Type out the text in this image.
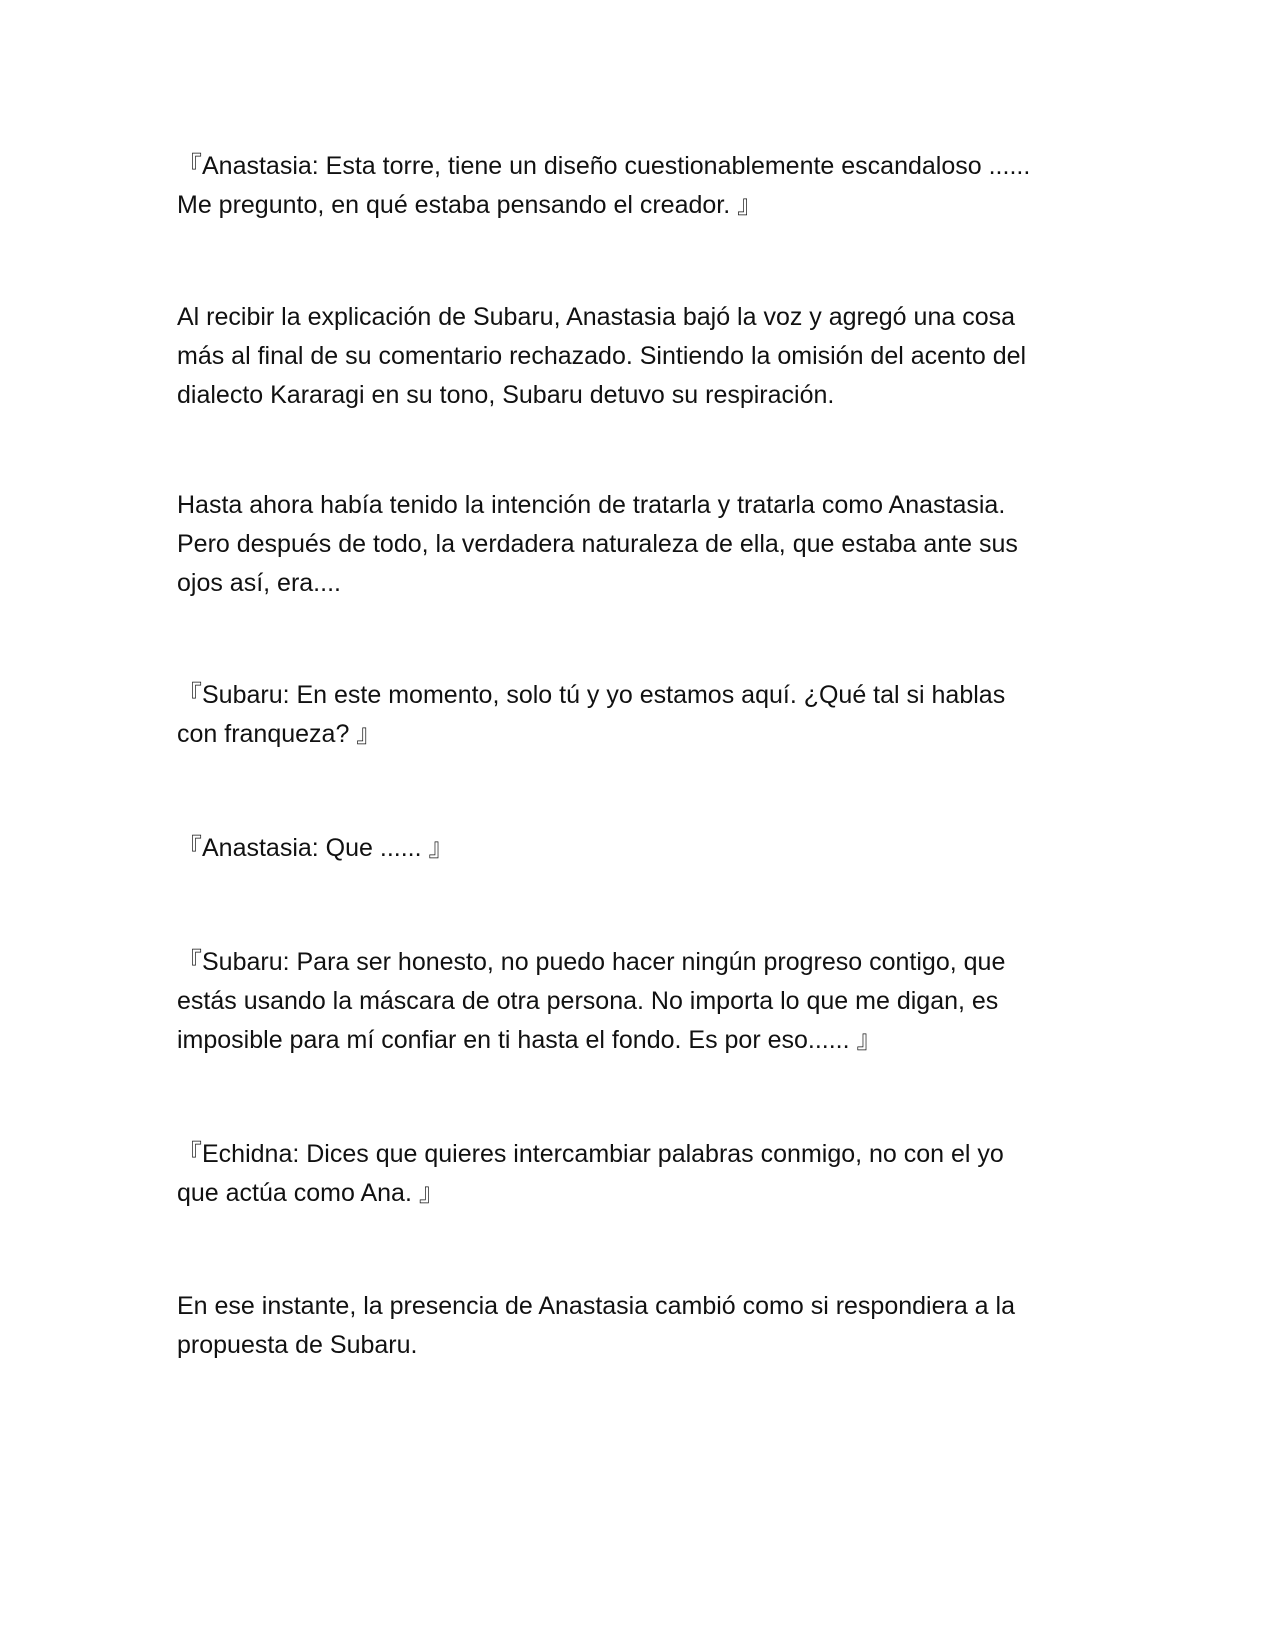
『Anastasia: Esta torre, tiene un diseño cuestionablemente escandaloso ......
Me pregunto, en qué estaba pensando el creador. 』

Al recibir la explicación de Subaru, Anastasia bajó la voz y agregó una cosa
más al final de su comentario rechazado. Sintiendo la omisión del acento del
dialecto Kararagi en su tono, Subaru detuvo su respiración.

Hasta ahora había tenido la intención de tratarla y tratarla como Anastasia.
Pero después de todo, la verdadera naturaleza de ella, que estaba ante sus
ojos así, era....

『Subaru: En este momento, solo tú y yo estamos aquí. ¿Qué tal si hablas
con franqueza? 』

『Anastasia: Que ...... 』

『Subaru: Para ser honesto, no puedo hacer ningún progreso contigo, que
estás usando la máscara de otra persona. No importa lo que me digan, es
imposible para mí confiar en ti hasta el fondo. Es por eso...... 』

『Echidna: Dices que quieres intercambiar palabras conmigo, no con el yo
que actúa como Ana. 』

En ese instante, la presencia de Anastasia cambió como si respondiera a la
propuesta de Subaru.
